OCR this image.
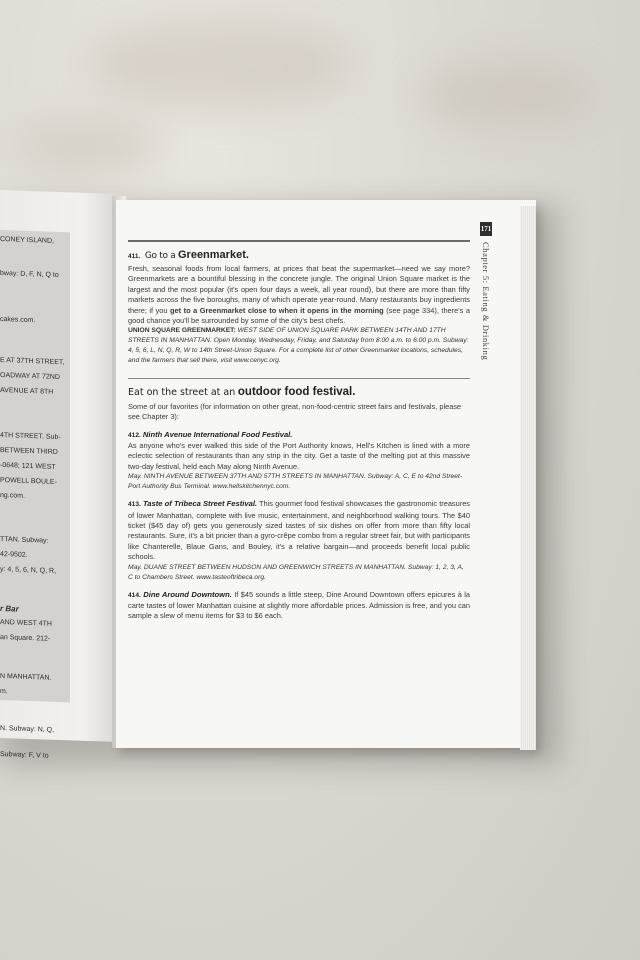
CONEY ISLAND,
bway: D, F, N, Q to
cakes.com.
E AT 37TH STREET,
OADWAY AT 72ND
AVENUE AT 8TH
4TH STREET. Sub-
BETWEEN THIRD
-0648; 121 WEST
POWELL BOULE-
ng.com.
TTAN. Subway:
42-9502.
y: 4, 5, 6, N, Q, R,
r Bar
AND WEST 4TH
an Square. 212-
N MANHATTAN.
m.
N. Subway: N, Q,
Subway: F, V to
171
Chapter 5: Eating & Drinking
411. Go to a Greenmarket.

Fresh, seasonal foods from local farmers, at prices that beat the supermarket—need we say more? Greenmarkets are a bountiful blessing in the concrete jungle. The original Union Square market is the largest and the most popular (it's open four days a week, all year round), but there are more than fifty markets across the five boroughs, many of which operate year-round. Many restaurants buy ingredients there; if you get to a Greenmarket close to when it opens in the morning (see page 334), there's a good chance you'll be surrounded by some of the city's best chefs.

UNION SQUARE GREENMARKET: WEST SIDE OF UNION SQUARE PARK BETWEEN 14TH AND 17TH STREETS IN MANHATTAN. Open Monday, Wednesday, Friday, and Saturday from 8:00 a.m. to 6:00 p.m. Subway: 4, 5, 6, L, N, Q, R, W to 14th Street-Union Square. For a complete list of other Greenmarket locations, schedules, and the farmers that sell there, visit www.cenyc.org.

Eat on the street at an outdoor food festival.

Some of our favorites (for information on other great, non-food-centric street fairs and festivals, please see Chapter 3):

412. Ninth Avenue International Food Festival.

As anyone who's ever walked this side of the Port Authority knows, Hell's Kitchen is lined with a more eclectic selection of restaurants than any strip in the city. Get a taste of the melting pot at this massive two-day festival, held each May along Ninth Avenue.

May. NINTH AVENUE BETWEEN 37TH AND 57TH STREETS IN MANHATTAN. Subway: A, C, E to 42nd Street-Port Authority Bus Terminal. www.hellskitchennyc.com.

413. Taste of Tribeca Street Festival. This gourmet food festival showcases the gastronomic treasures of lower Manhattan, complete with live music, entertainment, and neighborhood walking tours. The $40 ticket ($45 day of) gets you generously sized tastes of six dishes on offer from more than fifty local restaurants. Sure, it's a bit pricier than a gyro-crêpe combo from a regular street fair, but with participants like Chanterelle, Blaue Gans, and Bouley, it's a relative bargain—and proceeds benefit local public schools.

May. DUANE STREET BETWEEN HUDSON AND GREENWICH STREETS IN MANHATTAN. Subway: 1, 2, 3, A, C to Chambers Street. www.tasteoftribeca.org.

414. Dine Around Downtown. If $45 sounds a little steep, Dine Around Downtown offers epicures à la carte tastes of lower Manhattan cuisine at slightly more affordable prices. Admission is free, and you can sample a slew of menu items for $3 to $6 each.
